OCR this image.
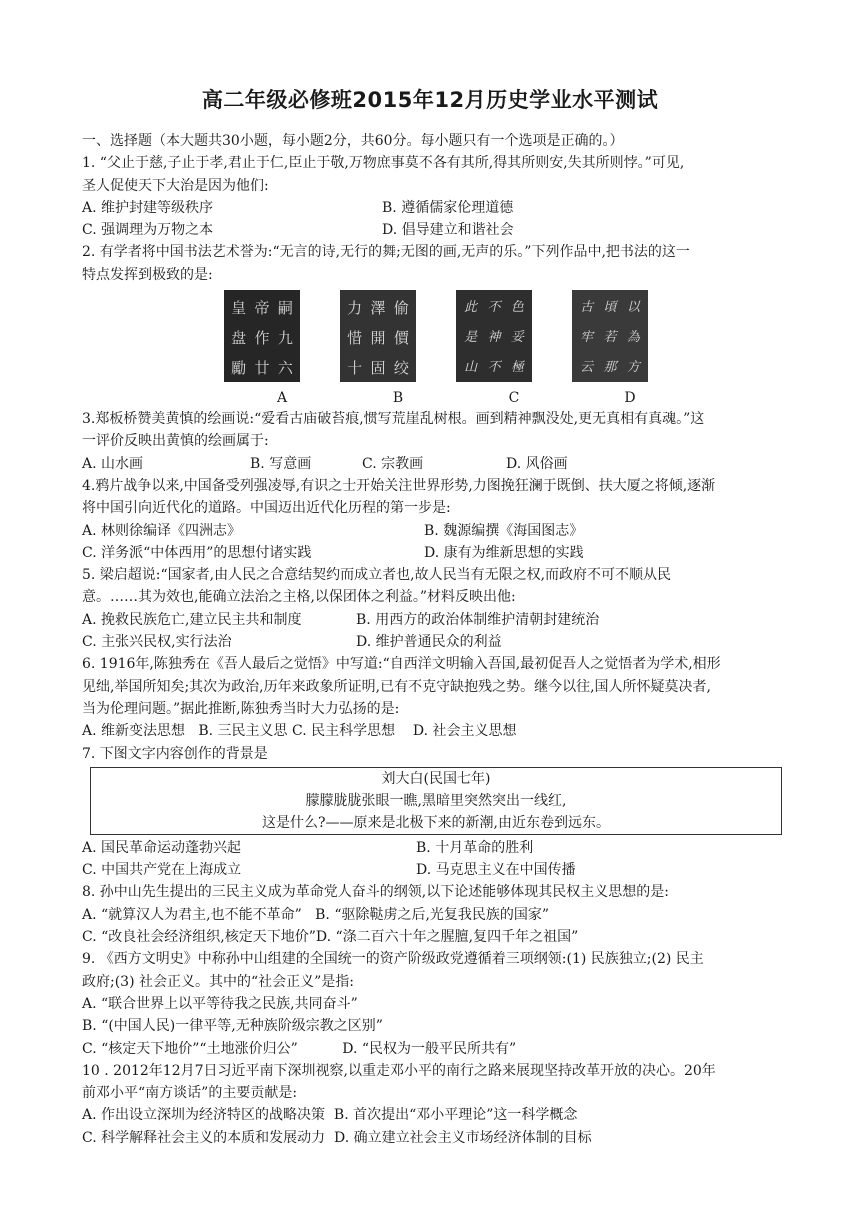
高二年级必修班2015年12月历史学业水平测试
一、选择题（本大题共30小题，每小题2分，共60分。每小题只有一个选项是正确的。）
1. “父止于慈,子止于孝,君止于仁,臣止于敬,万物庶事莫不各有其所,得其所则安,失其所则悖。”可见,
圣人促使天下大治是因为他们:
A. 维护封建等级秩序	B. 遵循儒家伦理道德
C. 强调理为万物之本	D. 倡导建立和谐社会
2. 有学者将中国书法艺术誉为:“无言的诗,无行的舞;无图的画,无声的乐。”下列作品中,把书法的这一
特点发挥到极致的是:
皇 帝 嗣
盘 作 九
勵 廿 六
力 澤 偷
惜 開 價
十 固 绞
此 不 色
是 神 妥
山 不 極
古 頃 以
牢 若 為
云 那 方
A	B	C	D
3.郑板桥赞美黄慎的绘画说:“爱看古庙破苔痕,惯写荒崖乱树根。画到精神飘没处,更无真相有真魂。”这
一评价反映出黄慎的绘画属于:
A. 山水画	B. 写意画	C. 宗教画	D. 风俗画
4.鸦片战争以来,中国备受列强凌辱,有识之士开始关注世界形势,力图挽狂澜于既倒、扶大厦之将倾,逐渐
将中国引向近代化的道路。中国迈出近代化历程的第一步是:
A. 林则徐编译《四洲志》	B. 魏源编撰《海国图志》
C. 洋务派“中体西用”的思想付诸实践	D. 康有为维新思想的实践
5. 梁启超说:“国家者,由人民之合意结契约而成立者也,故人民当有无限之权,而政府不可不顺从民
意。……其为效也,能确立法治之主格,以保团体之利益。”材料反映出他:
A. 挽救民族危亡,建立民主共和制度	B. 用西方的政治体制维护清朝封建统治
C. 主张兴民权,实行法治	D. 维护普通民众的利益
6. 1916年,陈独秀在《吾人最后之觉悟》中写道:“自西洋文明输入吾国,最初促吾人之觉悟者为学术,相形
见绌,举国所知矣;其次为政治,历年来政象所证明,已有不克守缺抱残之势。继今以往,国人所怀疑莫决者,
当为伦理问题。”据此推断,陈独秀当时大力弘扬的是:
A. 维新变法思想   B. 三民主义思 C. 民主科学思想    D. 社会主义思想
7. 下图文字内容创作的背景是
刘大白(民国七年)
朦朦胧胧张眼一瞧,黑暗里突然突出一线红,
这是什么?——原来是北极下来的新潮,由近东卷到远东。
A. 国民革命运动蓬勃兴起	B. 十月革命的胜利
C. 中国共产党在上海成立	D. 马克思主义在中国传播
8. 孙中山先生提出的三民主义成为革命党人奋斗的纲领,以下论述能够体现其民权主义思想的是:
A. “就算汉人为君主,也不能不革命”   B. “驱除鞑虏之后,光复我民族的国家”
C. “改良社会经济组织,核定天下地价”D. “涤二百六十年之腥膻,复四千年之祖国”
9. 《西方文明史》中称孙中山组建的全国统一的资产阶级政党遵循着三项纲领:(1) 民族独立;(2) 民主
政府;(3) 社会正义。其中的“社会正义”是指:
A. “联合世界上以平等待我之民族,共同奋斗”
B. “(中国人民)一律平等,无种族阶级宗教之区别”
C. “核定天下地价”“土地涨价归公”          D. “民权为一般平民所共有”
10 . 2012年12月7日习近平南下深圳视察,以重走邓小平的南行之路来展现坚持改革开放的决心。20年
前邓小平“南方谈话”的主要贡献是:
A. 作出设立深圳为经济特区的战略决策  B. 首次提出“邓小平理论”这一科学概念
C. 科学解释社会主义的本质和发展动力  D. 确立建立社会主义市场经济体制的目标
